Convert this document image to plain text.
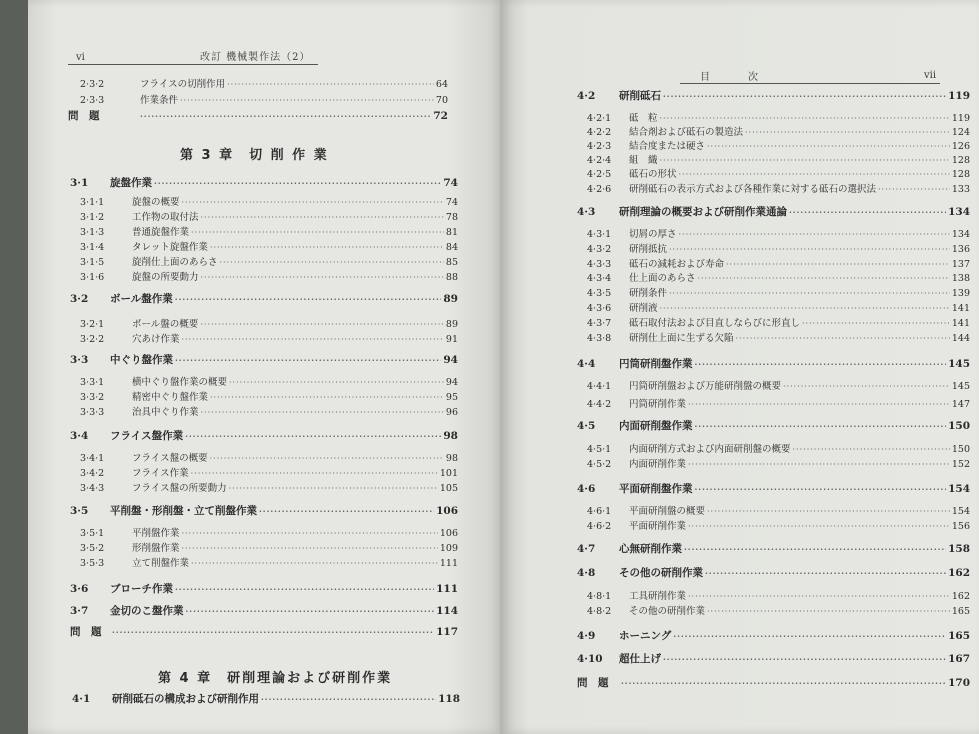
vi	改訂 機械製作法（2）
2·3·2	フライスの切削作用 ·····	64
2·3·3	作業条件 ·····	70
問　題 ·····	72
第 3 章　切 削 作 業
3·1	旋盤作業 ·····	74
3·1·1	旋盤の概要 ·····	74
3·1·2	工作物の取付法 ·····	78
3·1·3	普通旋盤作業 ·····	81
3·1·4	タレット旋盤作業 ·····	84
3·1·5	旋削仕上面のあらさ ·····	85
3·1·6	旋盤の所要動力 ·····	88
3·2	ボール盤作業 ·····	89
3·2·1	ボール盤の概要 ·····	89
3·2·2	穴あけ作業 ·····	91
3·3	中ぐり盤作業 ·····	94
3·3·1	横中ぐり盤作業の概要 ·····	94
3·3·2	精密中ぐり盤作業 ·····	95
3·3·3	治具中ぐり作業 ·····	96
3·4	フライス盤作業 ·····	98
3·4·1	フライス盤の概要 ·····	98
3·4·2	フライス作業 ·····	101
3·4·3	フライス盤の所要動力 ·····	105
3·5	平削盤・形削盤・立て削盤作業 ·····	106
3·5·1	平削盤作業 ·····	106
3·5·2	形削盤作業 ·····	109
3·5·3	立て削盤作業 ·····	111
3·6	ブローチ作業 ·····	111
3·7	金切のこ盤作業 ·····	114
問　題 ·····	117
第 4 章　研削理論および研削作業
4·1	研削砥石の構成および研削作用 ·····	118
目　　次	vii
4·2	研削砥石 ·····	119
4·2·1	砥　粒 ·····	119
4·2·2	結合剤および砥石の製造法 ·····	124
4·2·3	結合度または硬さ ·····	126
4·2·4	組　織 ·····	128
4·2·5	砥石の形状 ·····	128
4·2·6	研削砥石の表示方式および各種作業に対する砥石の選択法 ·····	133
4·3	研削理論の概要および研削作業通論 ·····	134
4·3·1	切屑の厚さ ·····	134
4·3·2	研削抵抗 ·····	136
4·3·3	砥石の減耗および寿命 ·····	137
4·3·4	仕上面のあらさ ·····	138
4·3·5	研削条件 ·····	139
4·3·6	研削液 ·····	141
4·3·7	砥石取付法および目直しならびに形直し ·····	141
4·3·8	研削仕上面に生ずる欠陥 ·····	144
4·4	円筒研削盤作業 ·····	145
4·4·1	円筒研削盤および万能研削盤の概要 ·····	145
4·4·2	円筒研削作業 ·····	147
4·5	内面研削盤作業 ·····	150
4·5·1	内面研削方式および内面研削盤の概要 ·····	150
4·5·2	内面研削作業 ·····	152
4·6	平面研削盤作業 ·····	154
4·6·1	平面研削盤の概要 ·····	154
4·6·2	平面研削作業 ·····	156
4·7	心無研削作業 ·····	158
4·8	その他の研削作業 ·····	162
4·8·1	工具研削作業 ·····	162
4·8·2	その他の研削作業 ·····	165
4·9	ホーニング ·····	165
4·10	超仕上げ ·····	167
問　題 ·····	170
